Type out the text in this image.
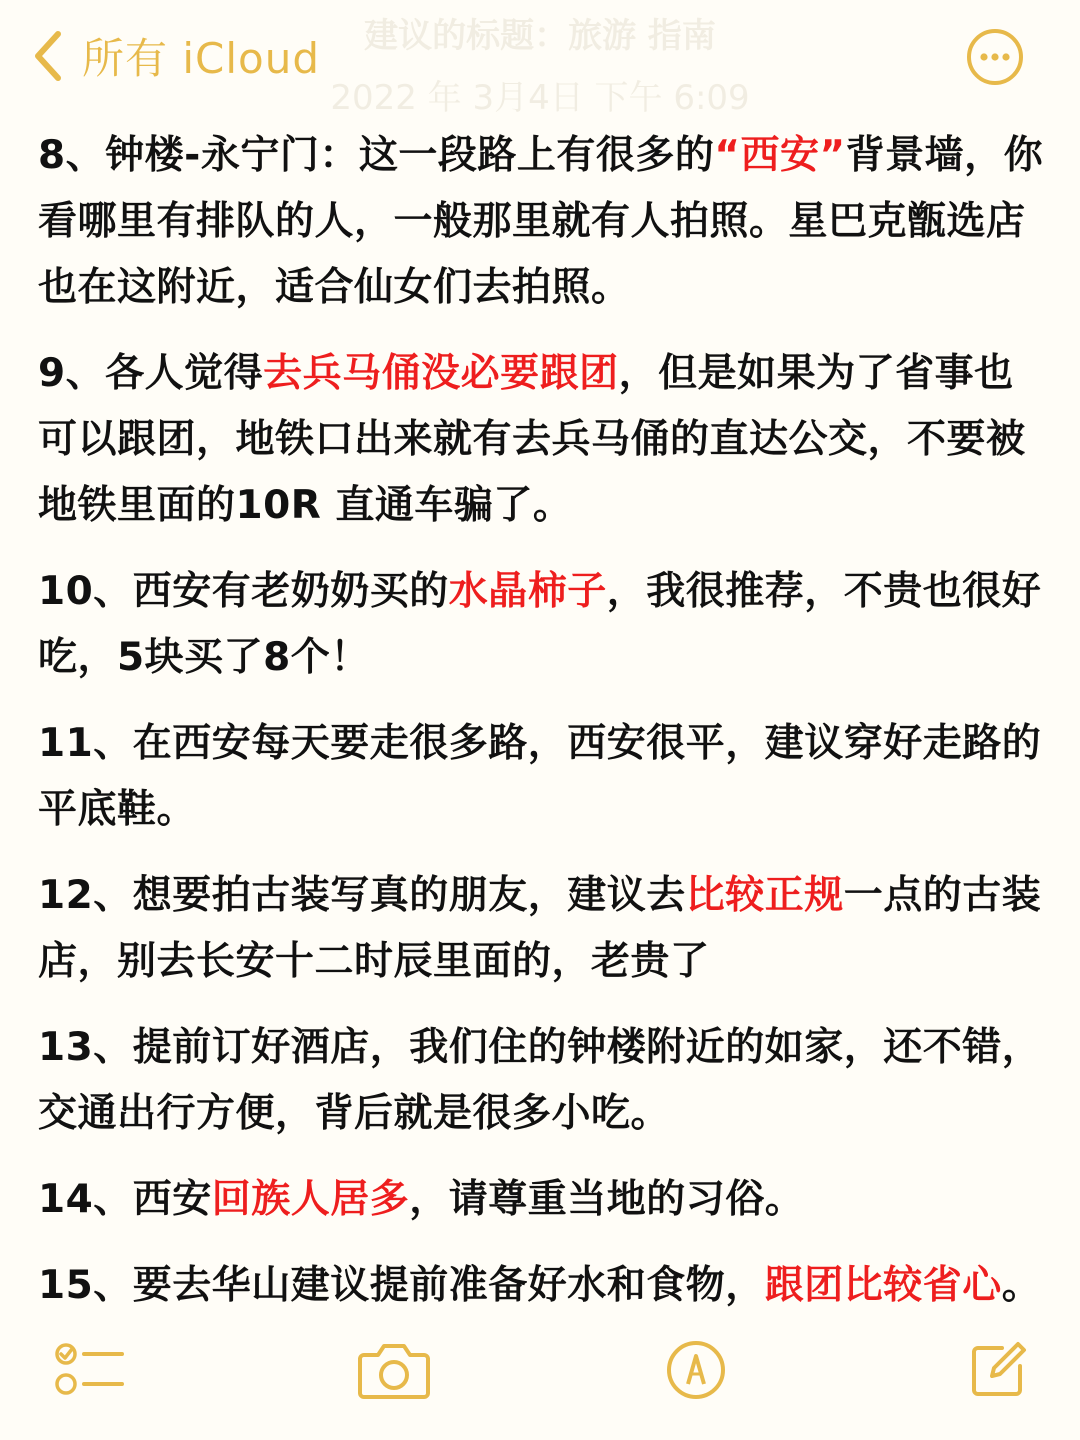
建议的标题：旅游 指南
2022 年 3月4日 下午 6:09
所有 iCloud
8、钟楼-永宁门：这一段路上有很多的“西安”背景墙，你看哪里有排队的人，一般那里就有人拍照。星巴克甑选店也在这附近，适合仙女们去拍照。
9、各人觉得去兵马俑没必要跟团，但是如果为了省事也可以跟团，地铁口出来就有去兵马俑的直达公交，不要被地铁里面的10R 直通车骗了。
10、西安有老奶奶买的水晶柿子，我很推荐，不贵也很好吃，5块买了8个！
11、在西安每天要走很多路，西安很平，建议穿好走路的平底鞋。
12、想要拍古装写真的朋友，建议去比较正规一点的古装店，别去长安十二时辰里面的，老贵了
13、提前订好酒店，我们住的钟楼附近的如家，还不错，交通出行方便，背后就是很多小吃。
14、西安回族人居多，请尊重当地的习俗。
15、要去华山建议提前准备好水和食物，跟团比较省心。
